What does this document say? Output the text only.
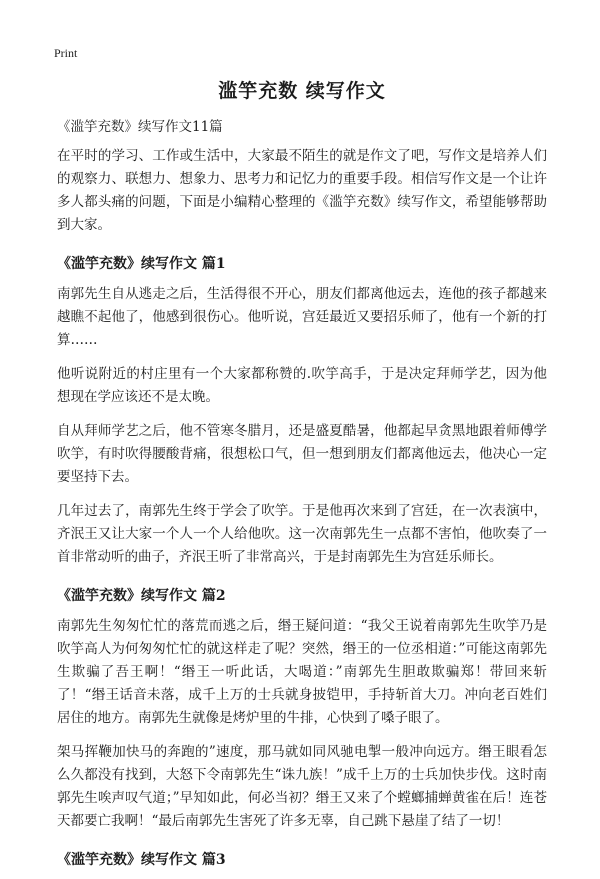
Print
滥竽充数 续写作文
《滥竽充数》续写作文11篇

在平时的学习、工作或生活中，大家最不陌生的就是作文了吧，写作文是培养人们的观察力、联想力、想象力、思考力和记忆力的重要手段。相信写作文是一个让许多人都头痛的问题，下面是小编精心整理的《滥竽充数》续写作文，希望能够帮助到大家。

《滥竽充数》续写作文 篇1

南郭先生自从逃走之后，生活得很不开心，朋友们都离他远去，连他的孩子都越来越瞧不起他了，他感到很伤心。他听说，宫廷最近又要招乐师了，他有一个新的打算……

他听说附近的村庄里有一个大家都称赞的.吹竽高手，于是决定拜师学艺，因为他想现在学应该还不是太晚。

自从拜师学艺之后，他不管寒冬腊月，还是盛夏酷暑，他都起早贪黑地跟着师傅学吹竽，有时吹得腰酸背痛，很想松口气，但一想到朋友们都离他远去，他决心一定要坚持下去。

几年过去了，南郭先生终于学会了吹竽。于是他再次来到了宫廷，在一次表演中，齐泯王又让大家一个人一个人给他吹。这一次南郭先生一点都不害怕，他吹奏了一首非常动听的曲子，齐泯王听了非常高兴，于是封南郭先生为宫廷乐师长。

《滥竽充数》续写作文 篇2

南郭先生匆匆忙忙的落荒而逃之后，缗王疑问道：“我父王说着南郭先生吹竽乃是吹竽高人为何匆匆忙忙的就这样走了呢？突然，缗王的一位丞相道：”可能这南郭先生欺骗了吾王啊！“缗王一听此话，大喝道：”南郭先生胆敢欺骗郑！带回来斩了！“缗王话音未落，成千上万的士兵就身披铠甲，手持斩首大刀。冲向老百姓们居住的地方。南郭先生就像是烤炉里的牛排，心快到了嗓子眼了。

架马挥鞭加快马的奔跑的”速度，那马就如同风驰电掣一般冲向远方。缗王眼看怎么久都没有找到，大怒下令南郭先生“诛九族！”成千上万的士兵加快步伐。这时南郭先生唉声叹气道；”早知如此，何必当初？缗王又来了个螳螂捕蝉黄雀在后！连苍天都要亡我啊！“最后南郭先生害死了许多无辜，自己跳下悬崖了结了一切！

《滥竽充数》续写作文 篇3
